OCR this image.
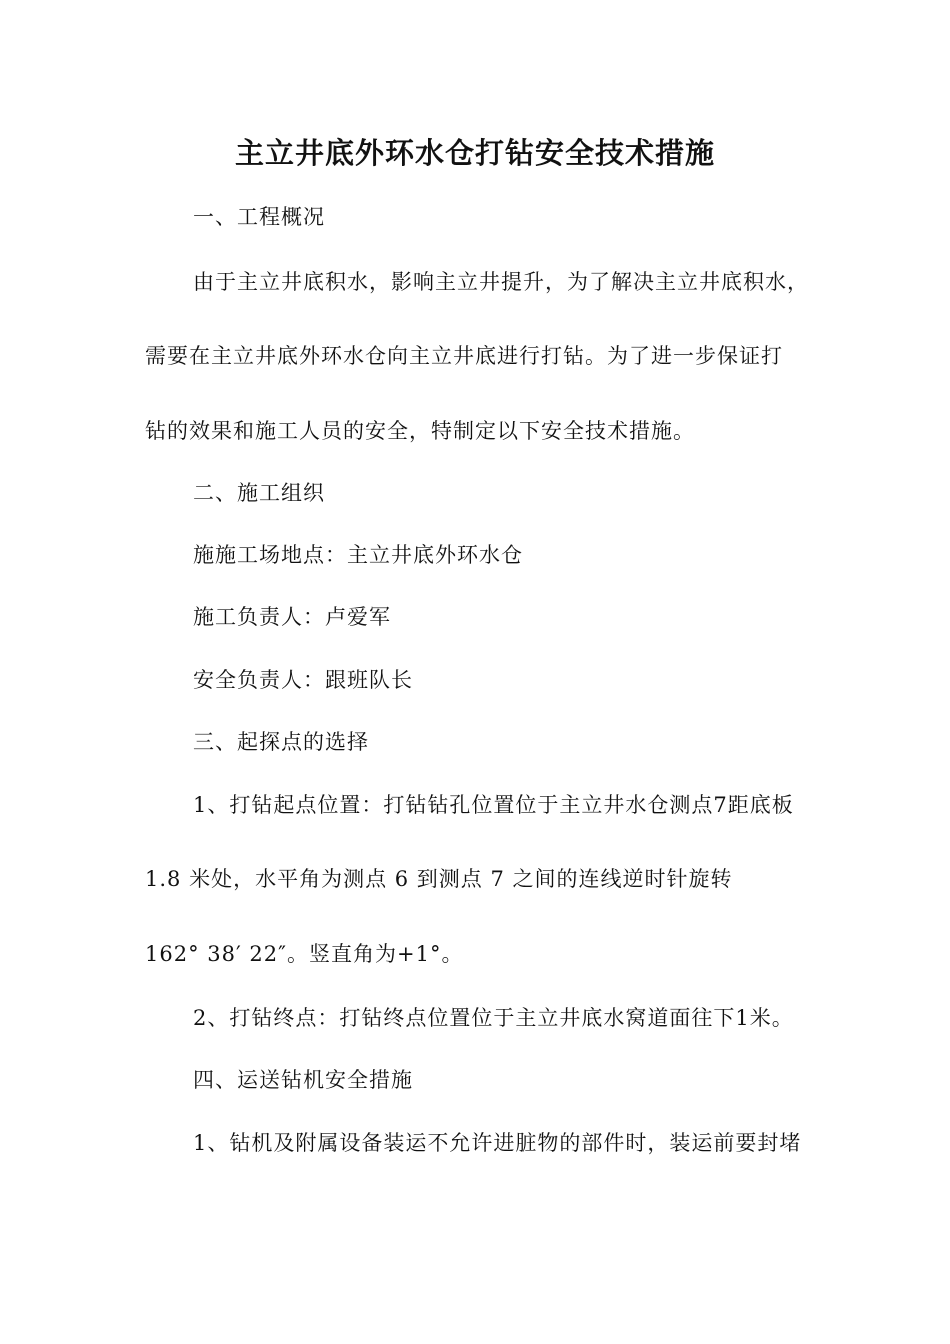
主立井底外环水仓打钻安全技术措施
一、工程概况
由于主立井底积水，影响主立井提升，为了解决主立井底积水，
需要在主立井底外环水仓向主立井底进行打钻。为了进一步保证打
钻的效果和施工人员的安全，特制定以下安全技术措施。
二、施工组织
施施工场地点：主立井底外环水仓
施工负责人：卢爱军
安全负责人：跟班队长
三、起探点的选择
1、打钻起点位置：打钻钻孔位置位于主立井水仓测点7距底板
1.8 米处，水平角为测点 6 到测点 7 之间的连线逆时针旋转
162° 38′ 22″。竖直角为+1°。
2、打钻终点：打钻终点位置位于主立井底水窝道面往下1米。
四、运送钻机安全措施
1、钻机及附属设备装运不允许进脏物的部件时，装运前要封堵
